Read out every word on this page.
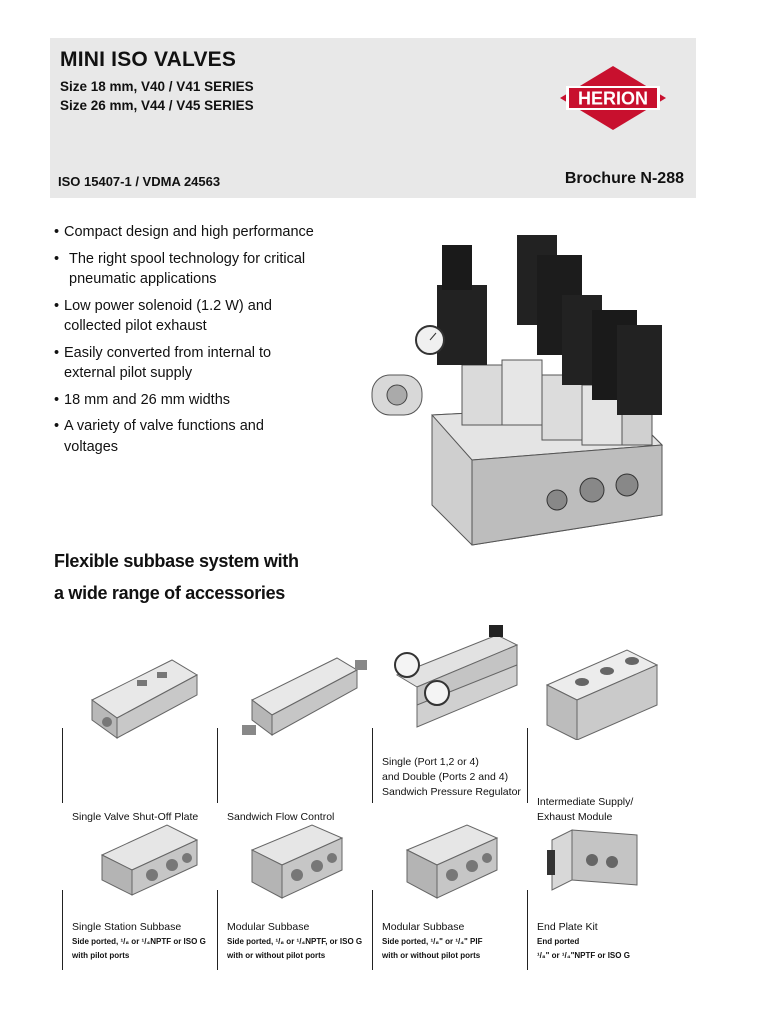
MINI ISO VALVES
Size 18 mm, V40 / V41 SERIES
Size 26 mm, V44 / V45 SERIES
ISO 15407-1 / VDMA 24563	Brochure N-288
HERION
• Compact design and high performance
• The right spool technology for critical pneumatic applications
• Low power solenoid (1.2 W) and collected pilot exhaust
• Easily converted from internal to external pilot supply
• 18 mm and 26 mm widths
• A variety of valve functions and voltages
Flexible subbase system with
a wide range of accessories
Single Valve Shut-Off Plate	Sandwich Flow Control
Single (Port 1,2 or 4)
and Double (Ports 2 and 4)
Sandwich Pressure Regulator
Intermediate Supply/
Exhaust Module
Single Station Subbase
Side ported, ¹/₈ or ¹/₄NPTF or ISO G
with pilot ports
Modular Subbase
Side ported, ¹/₈ or ¹/₄NPTF, or ISO G
with or without pilot ports
Modular Subbase
Side ported, ¹/₈" or ¹/₄" PIF
with or without pilot ports
End Plate Kit
End ported
¹/₈" or ¹/₄"NPTF or ISO G
